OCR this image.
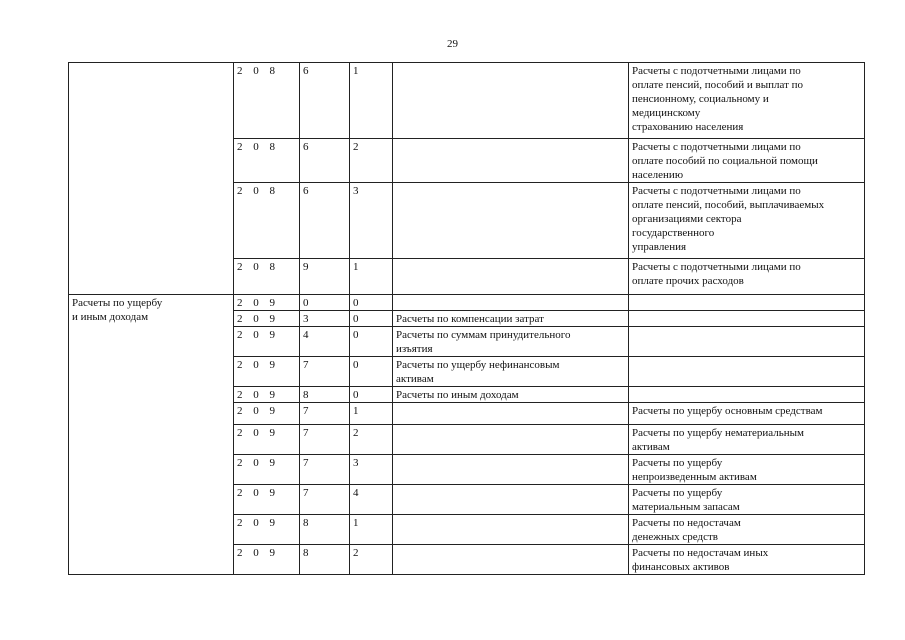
29
	2 0 8	6	1		Расчеты с подотчетными лицами по
оплате пенсий, пособий и выплат по
пенсионному, социальному и
медицинскому
страхованию населения
	2 0 8	6	2		Расчеты с подотчетными лицами по
оплате пособий по социальной помощи
населению
	2 0 8	6	3		Расчеты с подотчетными лицами по
оплате пенсий, пособий, выплачиваемых
организациями сектора
государственного
управления
	2 0 8	9	1		Расчеты с подотчетными лицами по
оплате прочих расходов
Расчеты по ущербу
и иным доходам	2 0 9	0	0		
	2 0 9	3	0	Расчеты по компенсации затрат	
	2 0 9	4	0	Расчеты по суммам принудительного
изъятия	
	2 0 9	7	0	Расчеты по ущербу нефинансовым
активам	
	2 0 9	8	0	Расчеты по иным доходам	
	2 0 9	7	1		Расчеты по ущербу основным средствам
	2 0 9	7	2		Расчеты по ущербу нематериальным
активам
	2 0 9	7	3		Расчеты по ущербу
непроизведенным активам
	2 0 9	7	4		Расчеты по ущербу
материальным запасам
	2 0 9	8	1		Расчеты по недостачам
денежных средств
	2 0 9	8	2		Расчеты по недостачам иных
финансовых активов
